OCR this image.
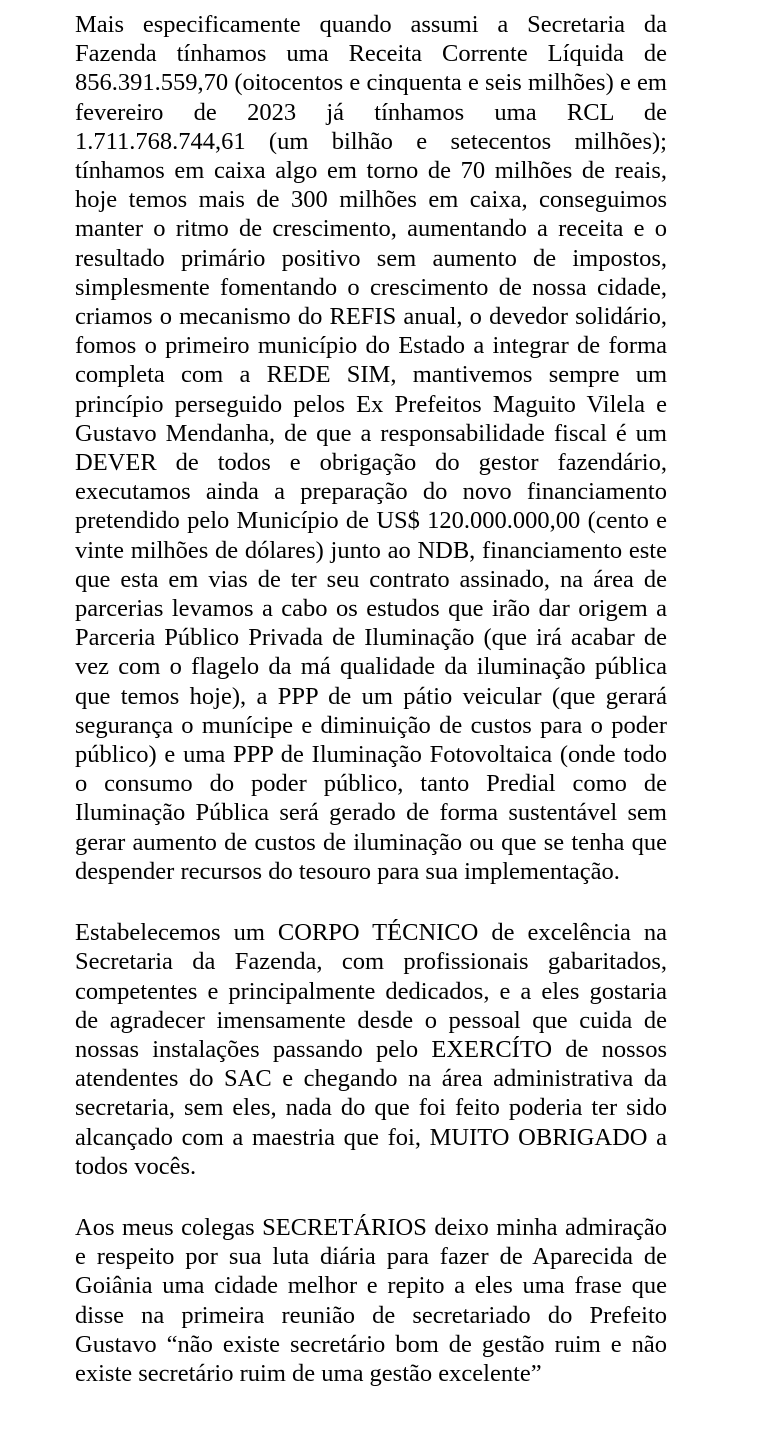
Mais especificamente quando assumi a Secretaria da Fazenda tínhamos uma Receita Corrente Líquida de 856.391.559,70 (oitocentos e cinquenta e seis milhões) e em fevereiro de 2023 já tínhamos uma RCL de 1.711.768.744,61 (um bilhão e setecentos milhões); tínhamos em caixa algo em torno de 70 milhões de reais, hoje temos mais de 300 milhões em caixa, conseguimos manter o ritmo de crescimento, aumentando a receita e o resultado primário positivo sem aumento de impostos, simplesmente fomentando o crescimento de nossa cidade, criamos o mecanismo do REFIS anual, o devedor solidário, fomos o primeiro município do Estado a integrar de forma completa com a REDE SIM, mantivemos sempre um princípio perseguido pelos Ex Prefeitos Maguito Vilela e Gustavo Mendanha, de que a responsabilidade fiscal é um DEVER de todos e obrigação do gestor fazendário, executamos ainda a preparação do novo financiamento pretendido pelo Município de US$ 120.000.000,00 (cento e vinte milhões de dólares) junto ao NDB, financiamento este que esta em vias de ter seu contrato assinado, na área de parcerias levamos a cabo os estudos que irão dar origem a Parceria Público Privada de Iluminação (que irá acabar de vez com o flagelo da má qualidade da iluminação pública que temos hoje), a PPP de um pátio veicular (que gerará segurança o munícipe e diminuição de custos para o poder público) e uma PPP de Iluminação Fotovoltaica (onde todo o consumo do poder público, tanto Predial como de Iluminação Pública será gerado de forma sustentável sem gerar aumento de custos de iluminação ou que se tenha que despender recursos do tesouro para sua implementação.

Estabelecemos um CORPO TÉCNICO de excelência na Secretaria da Fazenda, com profissionais gabaritados, competentes e principalmente dedicados, e a eles gostaria de agradecer imensamente desde o pessoal que cuida de nossas instalações passando pelo EXERCÍTO de nossos atendentes do SAC e chegando na área administrativa da secretaria, sem eles, nada do que foi feito poderia ter sido alcançado com a maestria que foi, MUITO OBRIGADO a todos vocês.

Aos meus colegas SECRETÁRIOS deixo minha admiração e respeito por sua luta diária para fazer de Aparecida de Goiânia uma cidade melhor e repito a eles uma frase que disse na primeira reunião de secretariado do Prefeito Gustavo “não existe secretário bom de gestão ruim e não existe secretário ruim de uma gestão excelente”
